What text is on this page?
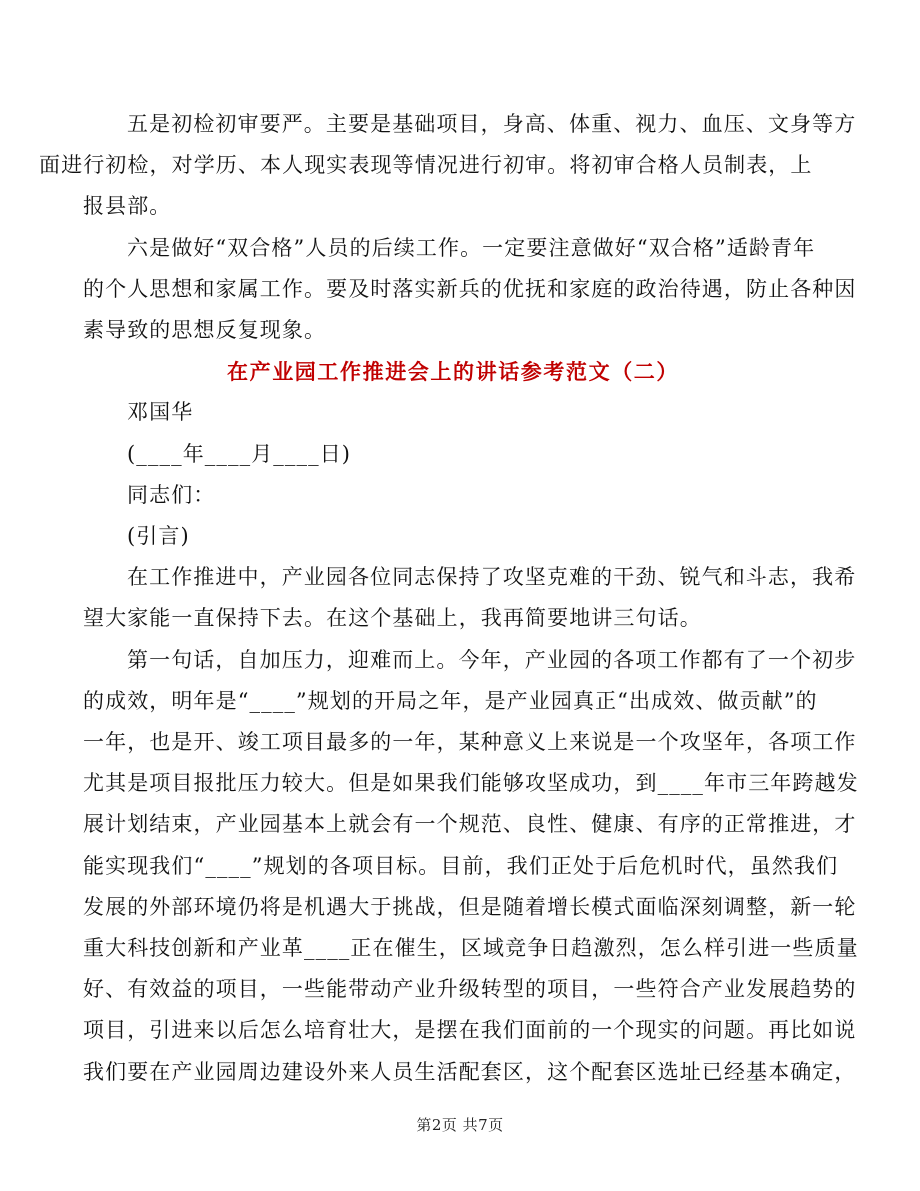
五是初检初审要严。主要是基础项目，身高、体重、视力、血压、文身等方
面进行初检，对学历、本人现实表现等情况进行初审。将初审合格人员制表，上
报县部。

六是做好“双合格”人员的后续工作。一定要注意做好“双合格”适龄青年
的个人思想和家属工作。要及时落实新兵的优抚和家庭的政治待遇，防止各种因
素导致的思想反复现象。

在产业园工作推进会上的讲话参考范文（二）

邓国华

(____年____月____日)

同志们：

(引言)

在工作推进中，产业园各位同志保持了攻坚克难的干劲、锐气和斗志，我希
望大家能一直保持下去。在这个基础上，我再简要地讲三句话。

第一句话，自加压力，迎难而上。今年，产业园的各项工作都有了一个初步
的成效，明年是“____”规划的开局之年，是产业园真正“出成效、做贡献”的
一年，也是开、竣工项目最多的一年，某种意义上来说是一个攻坚年，各项工作
尤其是项目报批压力较大。但是如果我们能够攻坚成功，到____年市三年跨越发
展计划结束，产业园基本上就会有一个规范、良性、健康、有序的正常推进，才
能实现我们“____”规划的各项目标。目前，我们正处于后危机时代，虽然我们
发展的外部环境仍将是机遇大于挑战，但是随着增长模式面临深刻调整，新一轮
重大科技创新和产业革____正在催生，区域竞争日趋激烈，怎么样引进一些质量
好、有效益的项目，一些能带动产业升级转型的项目，一些符合产业发展趋势的
项目，引进来以后怎么培育壮大，是摆在我们面前的一个现实的问题。再比如说
我们要在产业园周边建设外来人员生活配套区，这个配套区选址已经基本确定，

第2页 共7页
